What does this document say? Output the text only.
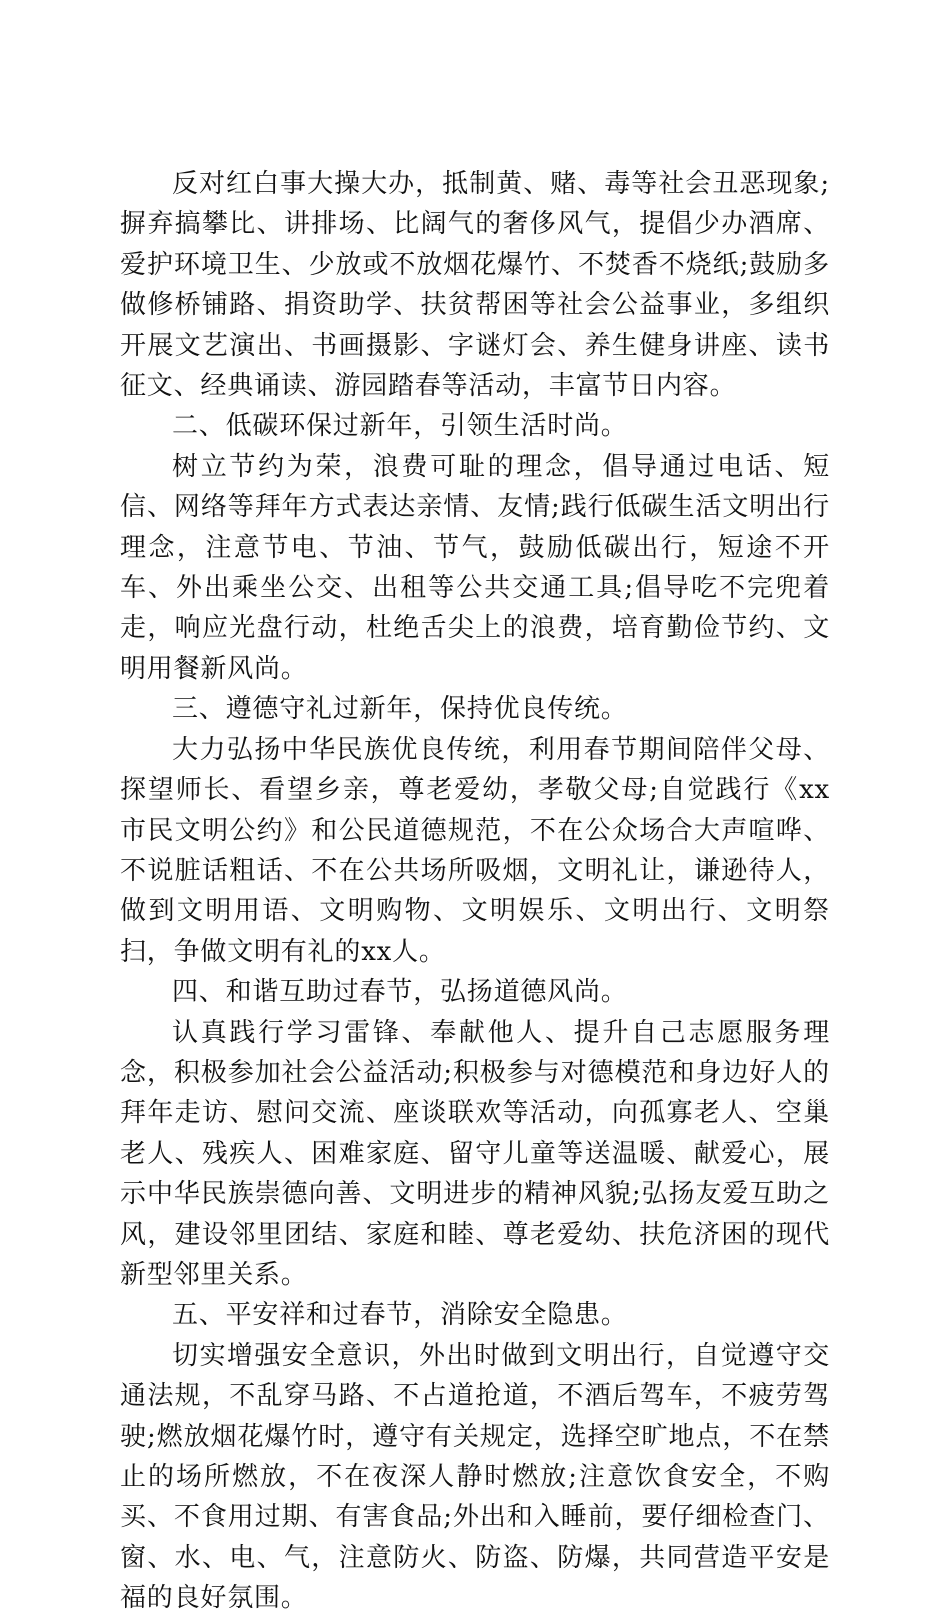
反对红白事大操大办，抵制黄、赌、毒等社会丑恶现象;摒弃搞攀比、讲排场、比阔气的奢侈风气，提倡少办酒席、爱护环境卫生、少放或不放烟花爆竹、不焚香不烧纸;鼓励多做修桥铺路、捐资助学、扶贫帮困等社会公益事业，多组织开展文艺演出、书画摄影、字谜灯会、养生健身讲座、读书征文、经典诵读、游园踏春等活动，丰富节日内容。

二、低碳环保过新年，引领生活时尚。

树立节约为荣，浪费可耻的理念，倡导通过电话、短信、网络等拜年方式表达亲情、友情;践行低碳生活文明出行理念，注意节电、节油、节气，鼓励低碳出行，短途不开车、外出乘坐公交、出租等公共交通工具;倡导吃不完兜着走，响应光盘行动，杜绝舌尖上的浪费，培育勤俭节约、文明用餐新风尚。

三、遵德守礼过新年，保持优良传统。

大力弘扬中华民族优良传统，利用春节期间陪伴父母、探望师长、看望乡亲，尊老爱幼，孝敬父母;自觉践行《xx市民文明公约》和公民道德规范，不在公众场合大声喧哗、不说脏话粗话、不在公共场所吸烟，文明礼让，谦逊待人，做到文明用语、文明购物、文明娱乐、文明出行、文明祭扫，争做文明有礼的xx人。

四、和谐互助过春节，弘扬道德风尚。

认真践行学习雷锋、奉献他人、提升自己志愿服务理念，积极参加社会公益活动;积极参与对德模范和身边好人的拜年走访、慰问交流、座谈联欢等活动，向孤寡老人、空巢老人、残疾人、困难家庭、留守儿童等送温暖、献爱心，展示中华民族崇德向善、文明进步的精神风貌;弘扬友爱互助之风，建设邻里团结、家庭和睦、尊老爱幼、扶危济困的现代新型邻里关系。

五、平安祥和过春节，消除安全隐患。

切实增强安全意识，外出时做到文明出行，自觉遵守交通法规，不乱穿马路、不占道抢道，不酒后驾车，不疲劳驾驶;燃放烟花爆竹时，遵守有关规定，选择空旷地点，不在禁止的场所燃放，不在夜深人静时燃放;注意饮食安全，不购买、不食用过期、有害食品;外出和入睡前，要仔细检查门、窗、水、电、气，注意防火、防盗、防爆，共同营造平安是福的良好氛围。
